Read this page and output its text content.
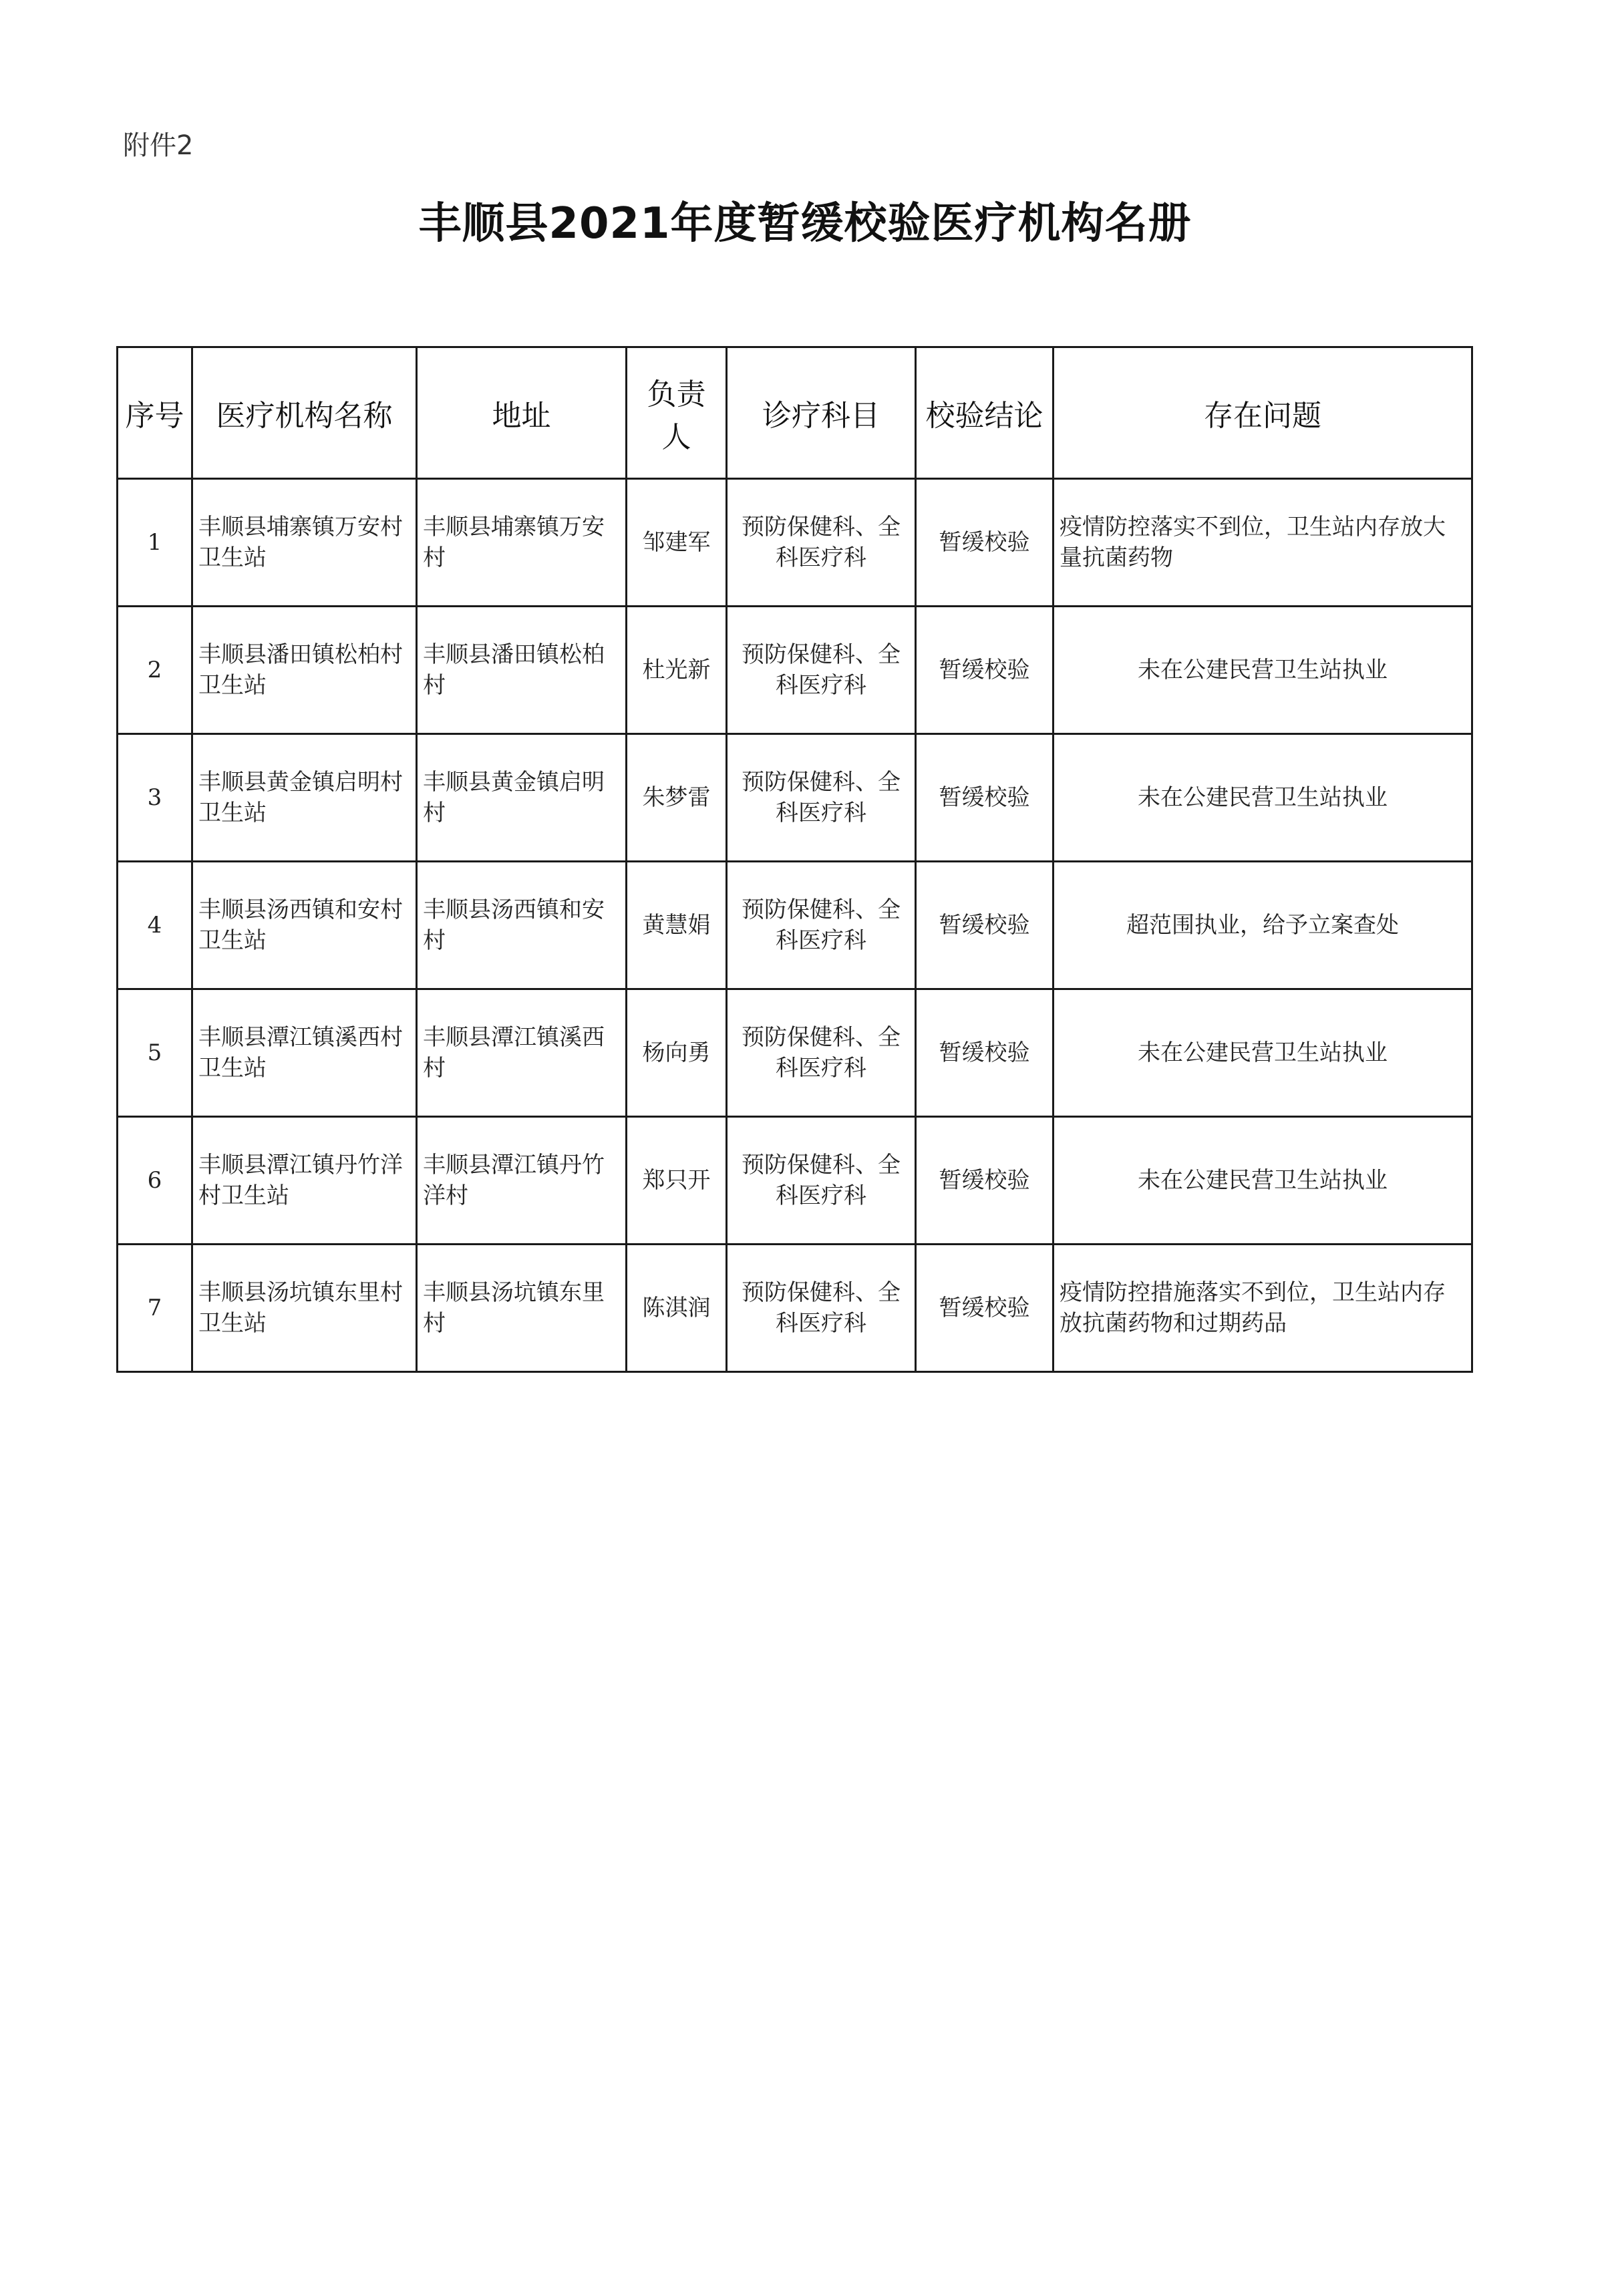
附件2
丰顺县2021年度暂缓校验医疗机构名册
序号	医疗机构名称	地址	负责人	诊疗科目	校验结论	存在问题
1	丰顺县埔寨镇万安村卫生站	丰顺县埔寨镇万安村	邹建军	预防保健科、全科医疗科	暂缓校验	疫情防控落实不到位，卫生站内存放大量抗菌药物
2	丰顺县潘田镇松柏村卫生站	丰顺县潘田镇松柏村	杜光新	预防保健科、全科医疗科	暂缓校验	未在公建民营卫生站执业
3	丰顺县黄金镇启明村卫生站	丰顺县黄金镇启明村	朱梦雷	预防保健科、全科医疗科	暂缓校验	未在公建民营卫生站执业
4	丰顺县汤西镇和安村卫生站	丰顺县汤西镇和安村	黄慧娟	预防保健科、全科医疗科	暂缓校验	超范围执业，给予立案查处
5	丰顺县潭江镇溪西村卫生站	丰顺县潭江镇溪西村	杨向勇	预防保健科、全科医疗科	暂缓校验	未在公建民营卫生站执业
6	丰顺县潭江镇丹竹洋村卫生站	丰顺县潭江镇丹竹洋村	郑只开	预防保健科、全科医疗科	暂缓校验	未在公建民营卫生站执业
7	丰顺县汤坑镇东里村卫生站	丰顺县汤坑镇东里村	陈淇润	预防保健科、全科医疗科	暂缓校验	疫情防控措施落实不到位，卫生站内存放抗菌药物和过期药品
